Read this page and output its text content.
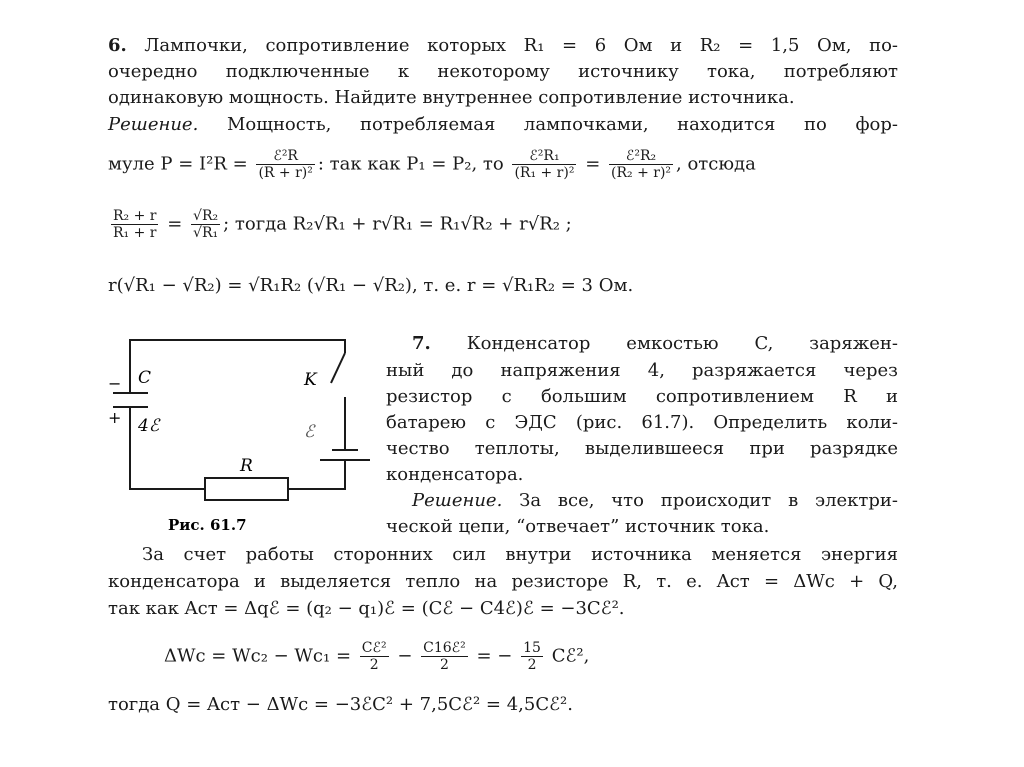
6. Лампочки, сопротивление которых R₁ = 6 Ом и R₂ = 1,5 Ом, по-
очередно подключенные к некоторому источнику тока, потребляют
одинаковую мощность. Найдите внутреннее сопротивление источника.
Решение. Мощность, потребляемая лампочками, находится по фор-
муле $P = I^2R = \frac{\text{ℰ²R}}{\text{(R + r)²}}$ : так как P₁ = P₂, то $\frac{\text{ℰ²R₁}}{\text{(R₁ + r)²}} = \frac{\text{ℰ²R₂}}{\text{(R₂ + r)²}}$ , отсюда
$\frac{\text{R₂ + r}}{\text{R₁ + r}} = \frac{\text{√R₂}}{\text{√R₁}}$ ; тогда R₂√R₁ + r√R₁ = R₁√R₂ + r√R₂ ;
r(√R₁ − √R₂) = √R₁R₂ (√R₁ − √R₂), т. е. r = √R₁R₂ = 3 Ом.
C
−
+ 4ℰ
K
ℰ
R
Рис. 61.7
7. Конденсатор емкостью C, заряжен-
ный до напряжения 4, разряжается через
резистор с большим сопротивлением R и
батарею с ЭДС (рис. 61.7). Определить коли-
чество теплоты, выделившееся при разрядке
конденсатора.
Решение. За все, что происходит в электри-
ческой цепи, “отвечает” источник тока.
За счет работы сторонних сил внутри источника меняется энергия
конденсатора и выделяется тепло на резисторе R, т. е. Aст = ΔWc + Q,
так как Aст = Δqℰ = (q₂ − q₁)ℰ = (Cℰ − C4ℰ)ℰ = −3Cℰ².
$\Delta Wc = Wc_2 - Wc_1 = \frac{\text{Cℰ²}}{2} - \frac{\text{C16ℰ²}}{2}$ = − $\frac{15}{2}$ Cℰ²,
тогда Q = Aст − ΔWc = −3ℰC² + 7,5Cℰ² = 4,5Cℰ².
